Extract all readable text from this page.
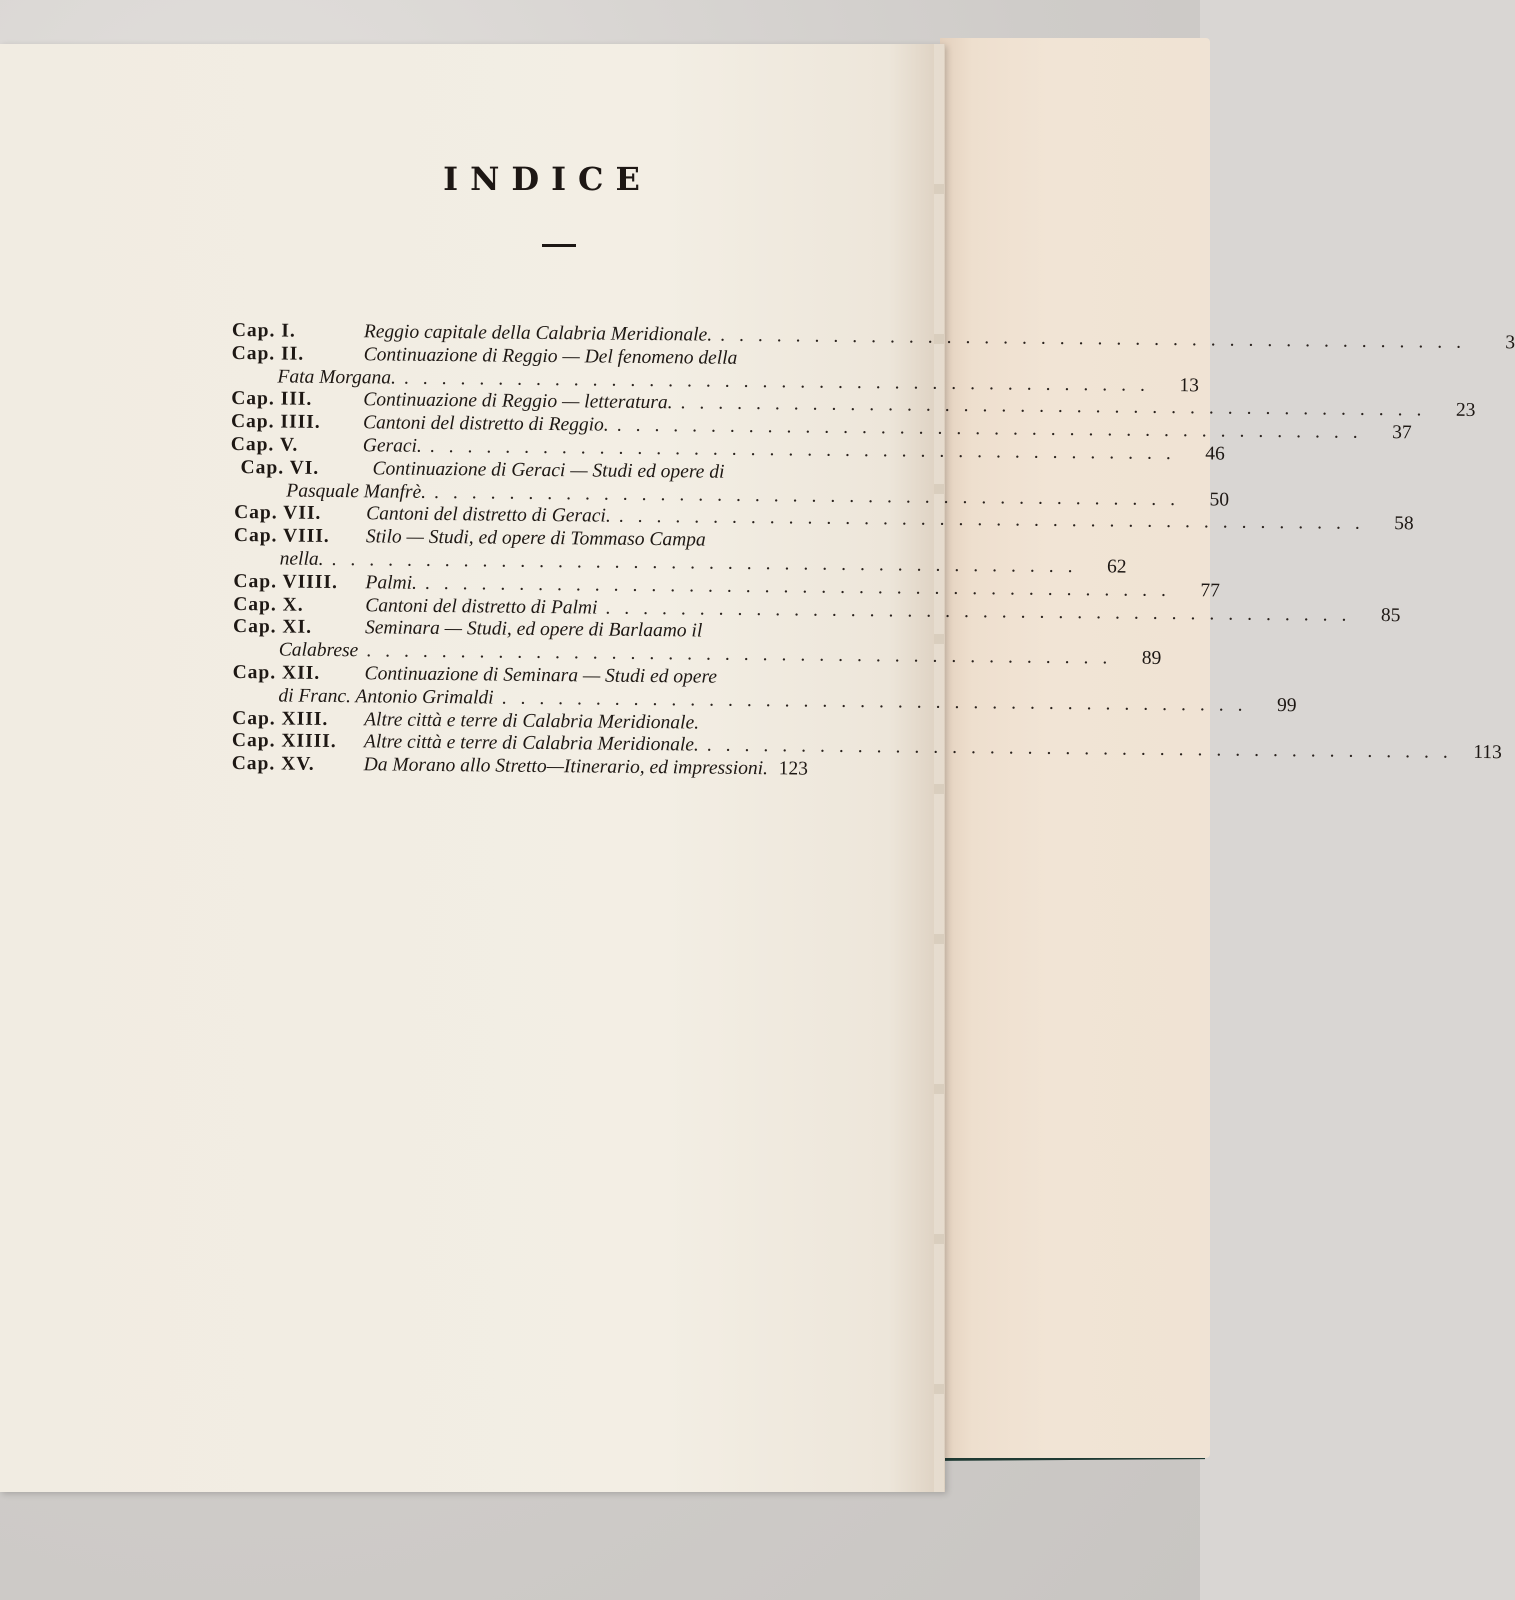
INDICE
Cap. I.	Reggio capitale della Calabria Meridionale. ........................................	3
Cap. II.	Continuazione di Reggio — Del fenomeno della
Fata Morgana. ........................................	13
Cap. III.	Continuazione di Reggio — letteratura. ........................................	23
Cap. IIII.	Cantoni del distretto di Reggio. ........................................	37
Cap. V.	Geraci. ........................................	46
Cap. VI.	Continuazione di Geraci — Studi ed opere di
Pasquale Manfrè. ........................................	50
Cap. VII.	Cantoni del distretto di Geraci. ........................................	58
Cap. VIII.	Stilo — Studi, ed opere di Tommaso Campa
nella. ........................................	62
Cap. VIIII.	Palmi. ........................................	77
Cap. X.	Cantoni del distretto di Palmi ........................................	85
Cap. XI.	Seminara — Studi, ed opere di Barlaamo il
Calabrese ........................................	89
Cap. XII.	Continuazione di Seminara — Studi ed opere
di Franc. Antonio Grimaldi ........................................	99
Cap. XIII.	Altre città e terre di Calabria Meridionale.
Cap. XIIII.	Altre città e terre di Calabria Meridionale. ........................................ 113
Cap. XV.	Da Morano allo Stretto—Itinerario, ed impressioni. 123
